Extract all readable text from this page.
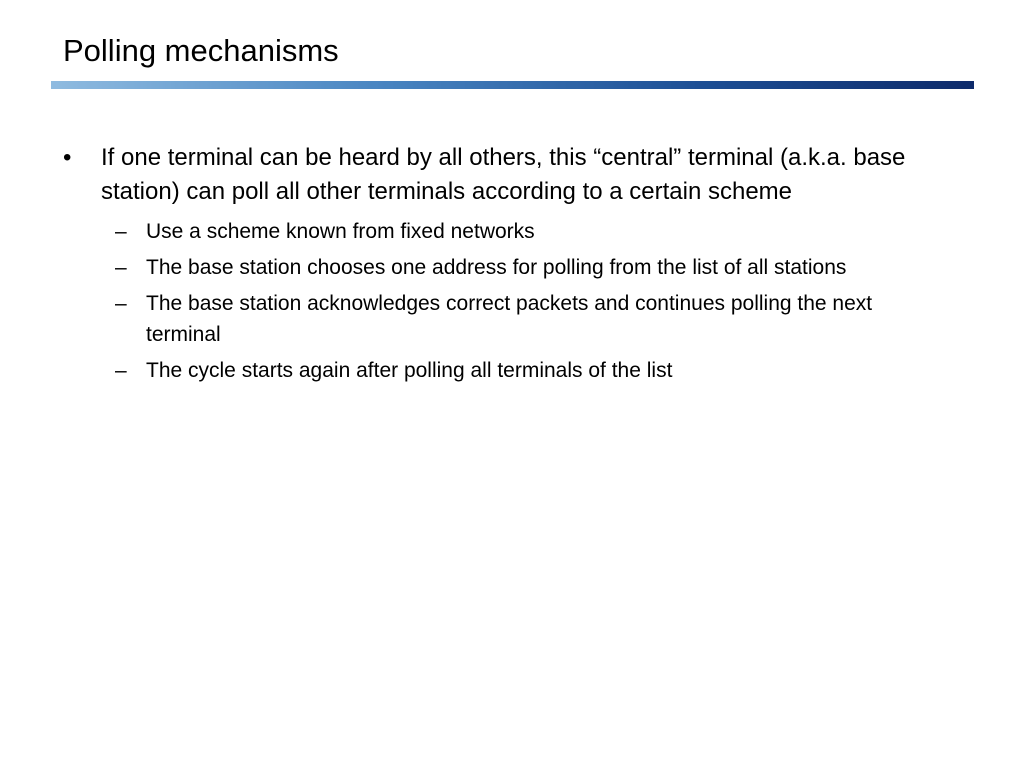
Polling mechanisms
•	If one terminal can be heard by all others, this “central” terminal (a.k.a. base station) can poll all other terminals according to a certain scheme
– Use a scheme known from fixed networks
– The base station chooses one address for polling from the list of all stations
– The base station acknowledges correct packets and continues polling the next terminal
– The cycle starts again after polling all terminals of the list
